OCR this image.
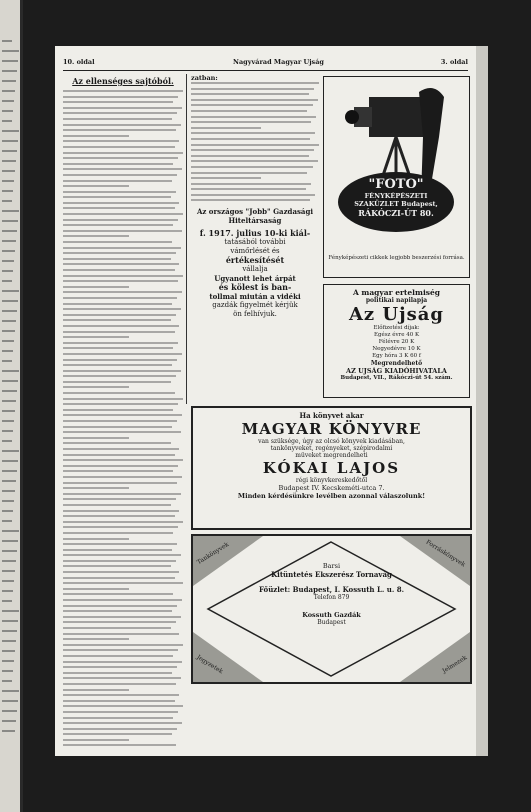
10. oldal	Nagyvárad Magyar Ujság	3. oldal
Az ellenséges sajtóból.	zatban:
Az országos "Jobb" Gazdasági Hiteltársaság
f. 1917. julius 10-ki kiál-
tatásából további
vámőrlését és
értékesítését
vállalja
Ugyanott lehet árpát
és kölest is ban-
tollmal miután a vidéki
gazdák figyelmét kérjük
ön felhívjuk.
"FOTO"
FÉNYKÉPÉSZETI
SZAKÜZLET Budapest,
RÁKÓCZI-ÚT 80.
Fényképészeti cikkek legjobb beszerzési forrása.
A magyar ertelmiség
politikai napilapja
Az Ujság
Előfizetési díjak:
Egész évre 40 K
Félévre 20 K
Negyedévre 10 K
Egy hóra 3 K 60 f
Megrendelhető
AZ UJSÁG KIADÓHIVATALA
Budapest, VII., Rákóczi-út 54. szám.
Ha könyvet akar
MAGYAR KÖNYVRE
van szüksége, úgy az olcsó könyvek kiadásában,
tankönyveket, regényeket, szépirodalmi
müveket megrendelheti
KÓKAI LAJOS
régi könyvkereskedőtől
Budapest IV. Kecskeméti-utca 7.
Minden kérdésünkre levélben azonnal válaszolunk!
Tankönyvek	Forráskönyvek
Jegyzetek	Jelmezek
Barsi
Kitüntetés Ekszerész Tornavág
Főüzlet: Budapest, I. Kossuth L. u. 8.
Telefon 879
Kossuth Gazdák
Budapest
